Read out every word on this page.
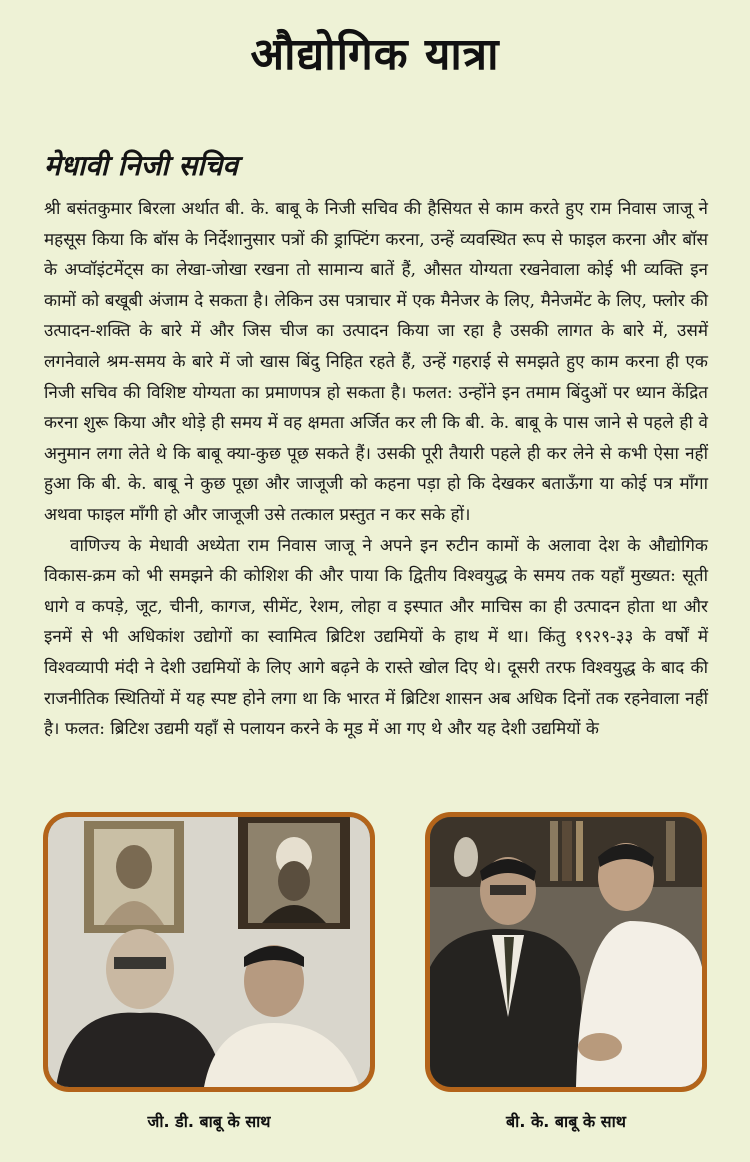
औद्योगिक यात्रा
मेधावी निजी सचिव

श्री बसंतकुमार बिरला अर्थात बी. के. बाबू के निजी सचिव की हैसियत से काम करते हुए राम निवास जाजू ने महसूस किया कि बॉस के निर्देशानुसार पत्रों की ड्राफ्टिंग करना, उन्हें व्यवस्थित रूप से फाइल करना और बॉस के अप्वॉइंटमेंट्स का लेखा-जोखा रखना तो सामान्य बातें हैं, औसत योग्यता रखनेवाला कोई भी व्यक्ति इन कामों को बखूबी अंजाम दे सकता है। लेकिन उस पत्राचार में एक मैनेजर के लिए, मैनेजमेंट के लिए, फ्लोर की उत्पादन-शक्ति के बारे में और जिस चीज का उत्पादन किया जा रहा है उसकी लागत के बारे में, उसमें लगनेवाले श्रम-समय के बारे में जो खास बिंदु निहित रहते हैं, उन्हें गहराई से समझते हुए काम करना ही एक निजी सचिव की विशिष्ट योग्यता का प्रमाणपत्र हो सकता है। फलत: उन्होंने इन तमाम बिंदुओं पर ध्यान केंद्रित करना शुरू किया और थोड़े ही समय में वह क्षमता अर्जित कर ली कि बी. के. बाबू के पास जाने से पहले ही वे अनुमान लगा लेते थे कि बाबू क्या-कुछ पूछ सकते हैं। उसकी पूरी तैयारी पहले ही कर लेने से कभी ऐसा नहीं हुआ कि बी. के. बाबू ने कुछ पूछा और जाजूजी को कहना पड़ा हो कि देखकर बताऊँगा या कोई पत्र माँगा अथवा फाइल माँगी हो और जाजूजी उसे तत्काल प्रस्तुत न कर सके हों।

वाणिज्य के मेधावी अध्येता राम निवास जाजू ने अपने इन रुटीन कामों के अलावा देश के औद्योगिक विकास-क्रम को भी समझने की कोशिश की और पाया कि द्वितीय विश्वयुद्ध के समय तक यहाँ मुख्यत: सूती धागे व कपड़े, जूट, चीनी, कागज, सीमेंट, रेशम, लोहा व इस्पात और माचिस का ही उत्पादन होता था और इनमें से भी अधिकांश उद्योगों का स्वामित्व ब्रिटिश उद्यमियों के हाथ में था। किंतु १९२९-३३ के वर्षों में विश्वव्यापी मंदी ने देशी उद्यमियों के लिए आगे बढ़ने के रास्ते खोल दिए थे। दूसरी तरफ विश्वयुद्ध के बाद की राजनीतिक स्थितियों में यह स्पष्ट होने लगा था कि भारत में ब्रिटिश शासन अब अधिक दिनों तक रहनेवाला नहीं है। फलत: ब्रिटिश उद्यमी यहाँ से पलायन करने के मूड में आ गए थे और यह देशी उद्यमियों के

जी. डी. बाबू के साथ	बी. के. बाबू के साथ
